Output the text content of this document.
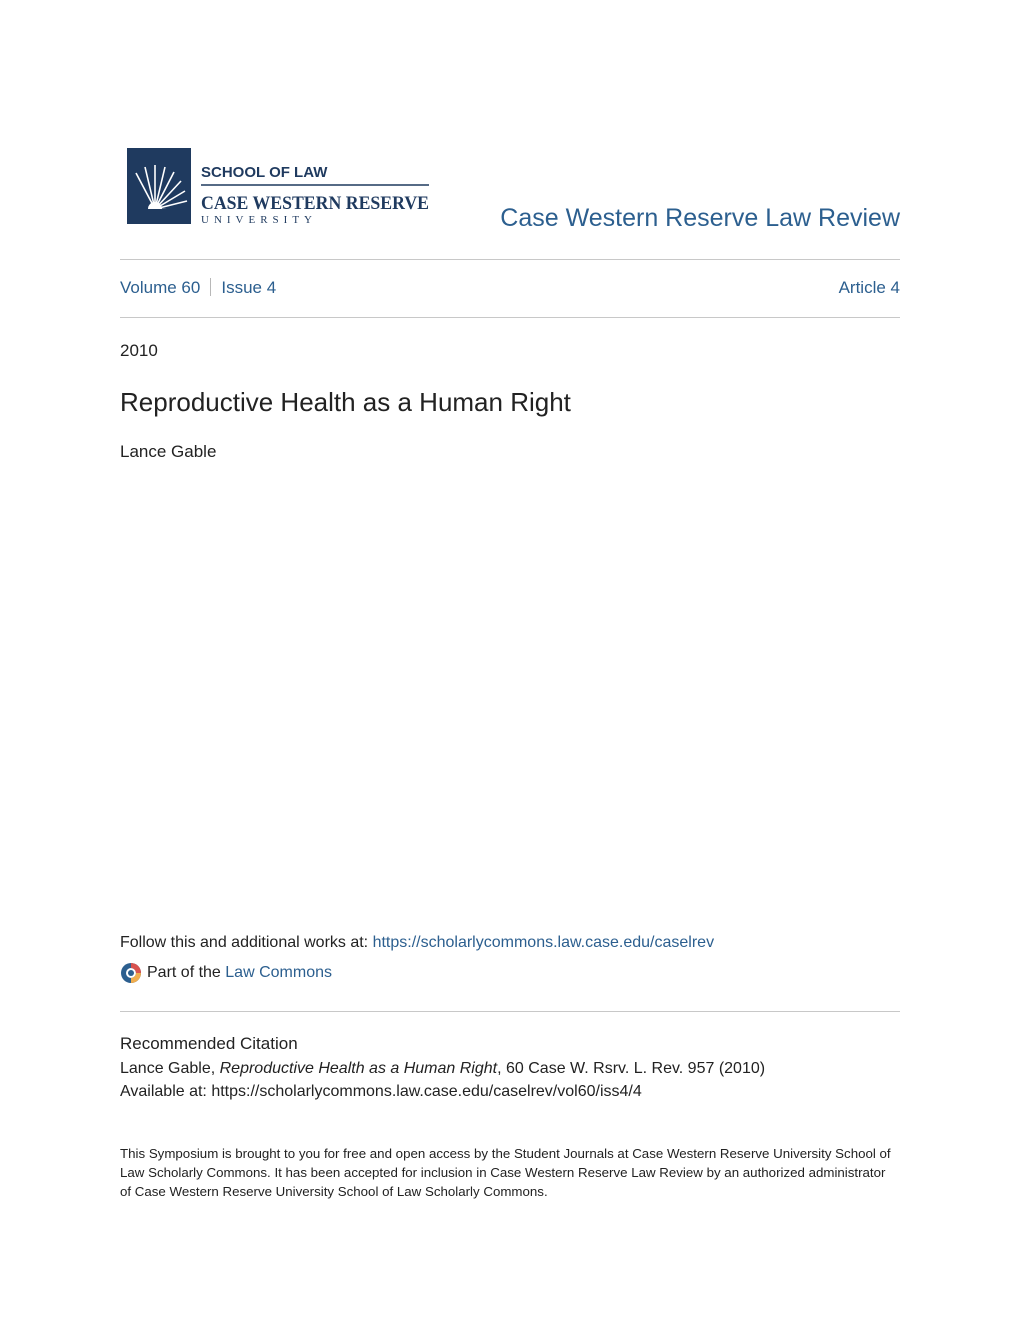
SCHOOL OF LAW
CASE WESTERN RESERVE
UNIVERSITY	Case Western Reserve Law Review
Volume 60 Issue 4	Article 4
2010
Reproductive Health as a Human Right
Lance Gable
Follow this and additional works at: https://scholarlycommons.law.case.edu/caselrev
Part of the
Law Commons
Recommended Citation
Lance Gable, Reproductive Health as a Human Right, 60 Case W. Rsrv. L. Rev. 957 (2010)
Available at: https://scholarlycommons.law.case.edu/caselrev/vol60/iss4/4
This Symposium is brought to you for free and open access by the Student Journals at Case Western Reserve University School of Law Scholarly Commons. It has been accepted for inclusion in Case Western Reserve Law Review by an authorized administrator of Case Western Reserve University School of Law Scholarly Commons.
